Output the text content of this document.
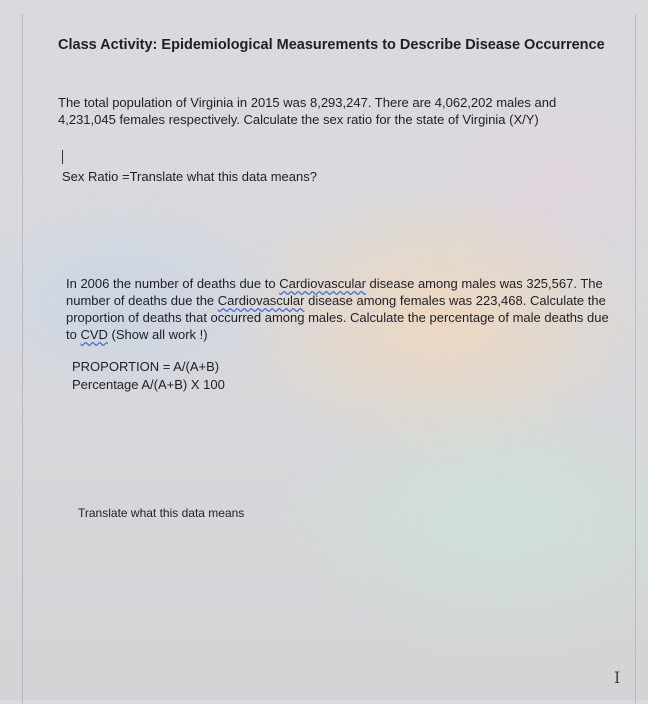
Class Activity: Epidemiological Measurements to Describe Disease Occurrence
The total population of Virginia in 2015 was 8,293,247. There are 4,062,202 males and 4,231,045 females respectively. Calculate the sex ratio for the state of Virginia (X/Y)
Sex Ratio =Translate what this data means?
In 2006 the number of deaths due to Cardiovascular disease among males was 325,567. The number of deaths due the Cardiovascular disease among females was 223,468. Calculate the proportion of deaths that occurred among males. Calculate the percentage of male deaths due to CVD (Show all work !)
PROPORTION = A/(A+B)
Percentage A/(A+B) X 100
Translate what this data means
I
